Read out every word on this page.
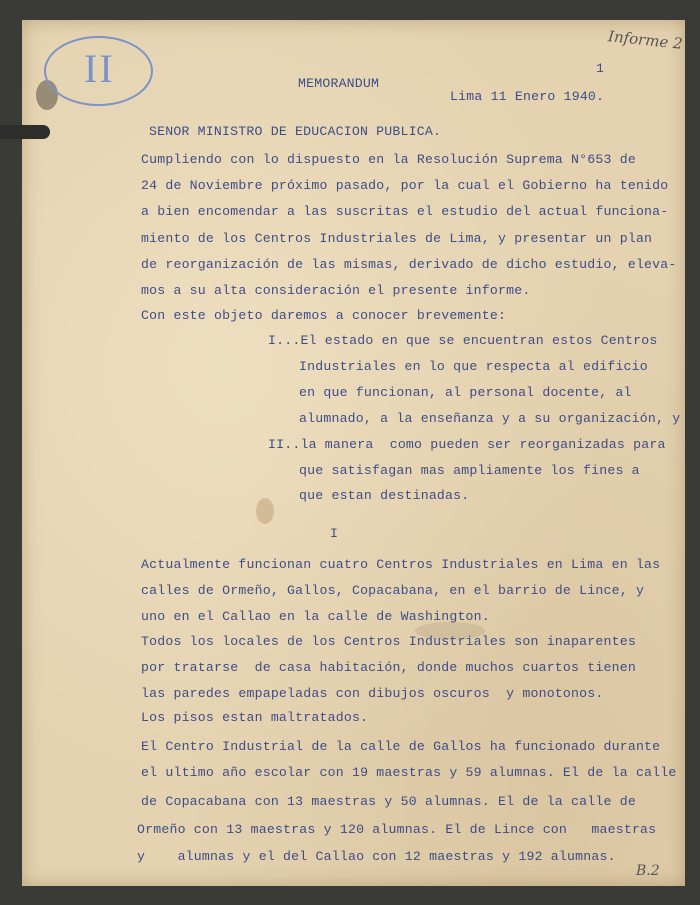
II
Informe 2
B.2
MEMORANDUM
1
Lima 11 Enero 1940.
SENOR MINISTRO DE EDUCACION PUBLICA.
Cumpliendo con lo dispuesto en la Resolución Suprema N°653 de
24 de Noviembre próximo pasado, por la cual el Gobierno ha tenido
a bien encomendar a las suscritas el estudio del actual funciona-
miento de los Centros Industriales de Lima, y presentar un plan
de reorganización de las mismas, derivado de dicho estudio, eleva-
mos a su alta consideración el presente informe.
Con este objeto daremos a conocer brevemente:
I...El estado en que se encuentran estos Centros
Industriales en lo que respecta al edificio
en que funcionan, al personal docente, al
alumnado, a la enseñanza y a su organización, y
II..la manera  como pueden ser reorganizadas para
que satisfagan mas ampliamente los fines a
que estan destinadas.
I
Actualmente funcionan cuatro Centros Industriales en Lima en las
calles de Ormeño, Gallos, Copacabana, en el barrio de Lince, y
uno en el Callao en la calle de Washington.
Todos los locales de los Centros Industriales son inaparentes
por tratarse  de casa habitación, donde muchos cuartos tienen
las paredes empapeladas con dibujos oscuros  y monotonos.
Los pisos estan maltratados.
El Centro Industrial de la calle de Gallos ha funcionado durante
el ultimo año escolar con 19 maestras y 59 alumnas. El de la calle
de Copacabana con 13 maestras y 50 alumnas. El de la calle de
Ormeño con 13 maestras y 120 alumnas. El de Lince con   maestras
y    alumnas y el del Callao con 12 maestras y 192 alumnas.
